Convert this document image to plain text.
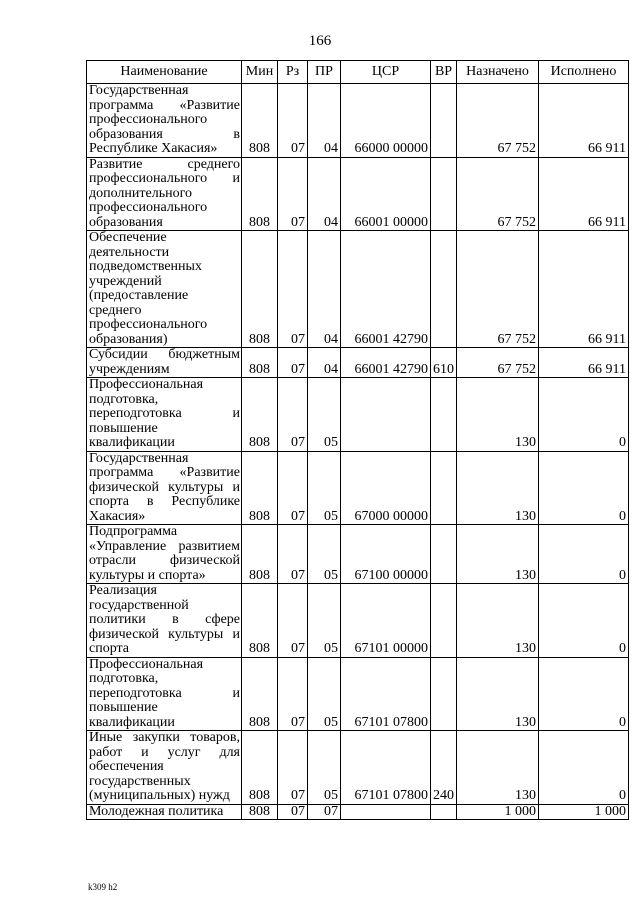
166
Наименование	Мин	Рз	ПР	ЦСР	ВР	Назначено	Исполнено
Государственная программа «Развитие профессионального образования в Республике Хакасия»	808	07	04	66000 00000		67 752	66 911
Развитие среднего профессионального и дополнительного профессионального образования	808	07	04	66001 00000		67 752	66 911
Обеспечение деятельности подведомственных учреждений (предоставление среднего профессионального образования)	808	07	04	66001 42790		67 752	66 911
Субсидии бюджетным учреждениям	808	07	04	66001 42790	610	67 752	66 911
Профессиональная подготовка, переподготовка и повышение квалификации	808	07	05			130	0
Государственная программа «Развитие физической культуры и спорта в Республике Хакасия»	808	07	05	67000 00000		130	0
Подпрограмма «Управление развитием отрасли физической культуры и спорта»	808	07	05	67100 00000		130	0
Реализация государственной политики в сфере физической культуры и спорта	808	07	05	67101 00000		130	0
Профессиональная подготовка, переподготовка и повышение квалификации	808	07	05	67101 07800		130	0
Иные закупки товаров, работ и услуг для обеспечения государственных (муниципальных) нужд	808	07	05	67101 07800	240	130	0
Молодежная политика	808	07	07			1 000	1 000
k309 h2
